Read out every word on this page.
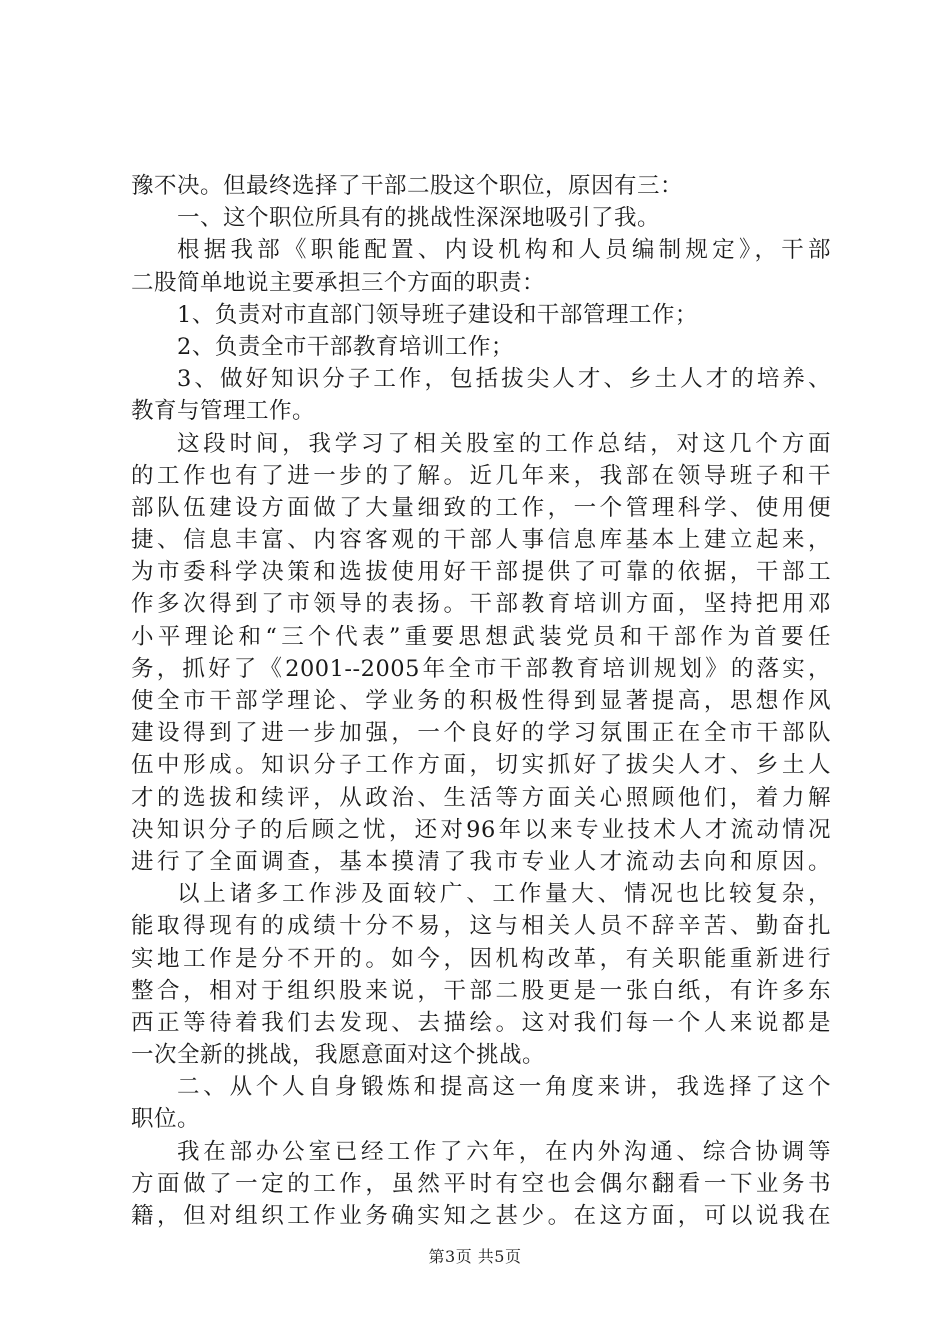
豫不决。但最终选择了干部二股这个职位，原因有三：
一、这个职位所具有的挑战性深深地吸引了我。
根据我部《职能配置、内设机构和人员编制规定》，干部
二股简单地说主要承担三个方面的职责：
1、负责对市直部门领导班子建设和干部管理工作；
2、负责全市干部教育培训工作；
3、做好知识分子工作，包括拔尖人才、乡土人才的培养、
教育与管理工作。
这段时间，我学习了相关股室的工作总结，对这几个方面
的工作也有了进一步的了解。近几年来，我部在领导班子和干
部队伍建设方面做了大量细致的工作，一个管理科学、使用便
捷、信息丰富、内容客观的干部人事信息库基本上建立起来，
为市委科学决策和选拔使用好干部提供了可靠的依据，干部工
作多次得到了市领导的表扬。干部教育培训方面，坚持把用邓
小平理论和“三个代表”重要思想武装党员和干部作为首要任
务，抓好了《2001--2005年全市干部教育培训规划》的落实，
使全市干部学理论、学业务的积极性得到显著提高，思想作风
建设得到了进一步加强，一个良好的学习氛围正在全市干部队
伍中形成。知识分子工作方面，切实抓好了拔尖人才、乡土人
才的选拔和续评，从政治、生活等方面关心照顾他们，着力解
决知识分子的后顾之忧，还对96年以来专业技术人才流动情况
进行了全面调查，基本摸清了我市专业人才流动去向和原因。
以上诸多工作涉及面较广、工作量大、情况也比较复杂，
能取得现有的成绩十分不易，这与相关人员不辞辛苦、勤奋扎
实地工作是分不开的。如今，因机构改革，有关职能重新进行
整合，相对于组织股来说，干部二股更是一张白纸，有许多东
西正等待着我们去发现、去描绘。这对我们每一个人来说都是
一次全新的挑战，我愿意面对这个挑战。
二、从个人自身锻炼和提高这一角度来讲，我选择了这个
职位。
我在部办公室已经工作了六年，在内外沟通、综合协调等
方面做了一定的工作，虽然平时有空也会偶尔翻看一下业务书
籍，但对组织工作业务确实知之甚少。在这方面，可以说我在
第3页 共5页
